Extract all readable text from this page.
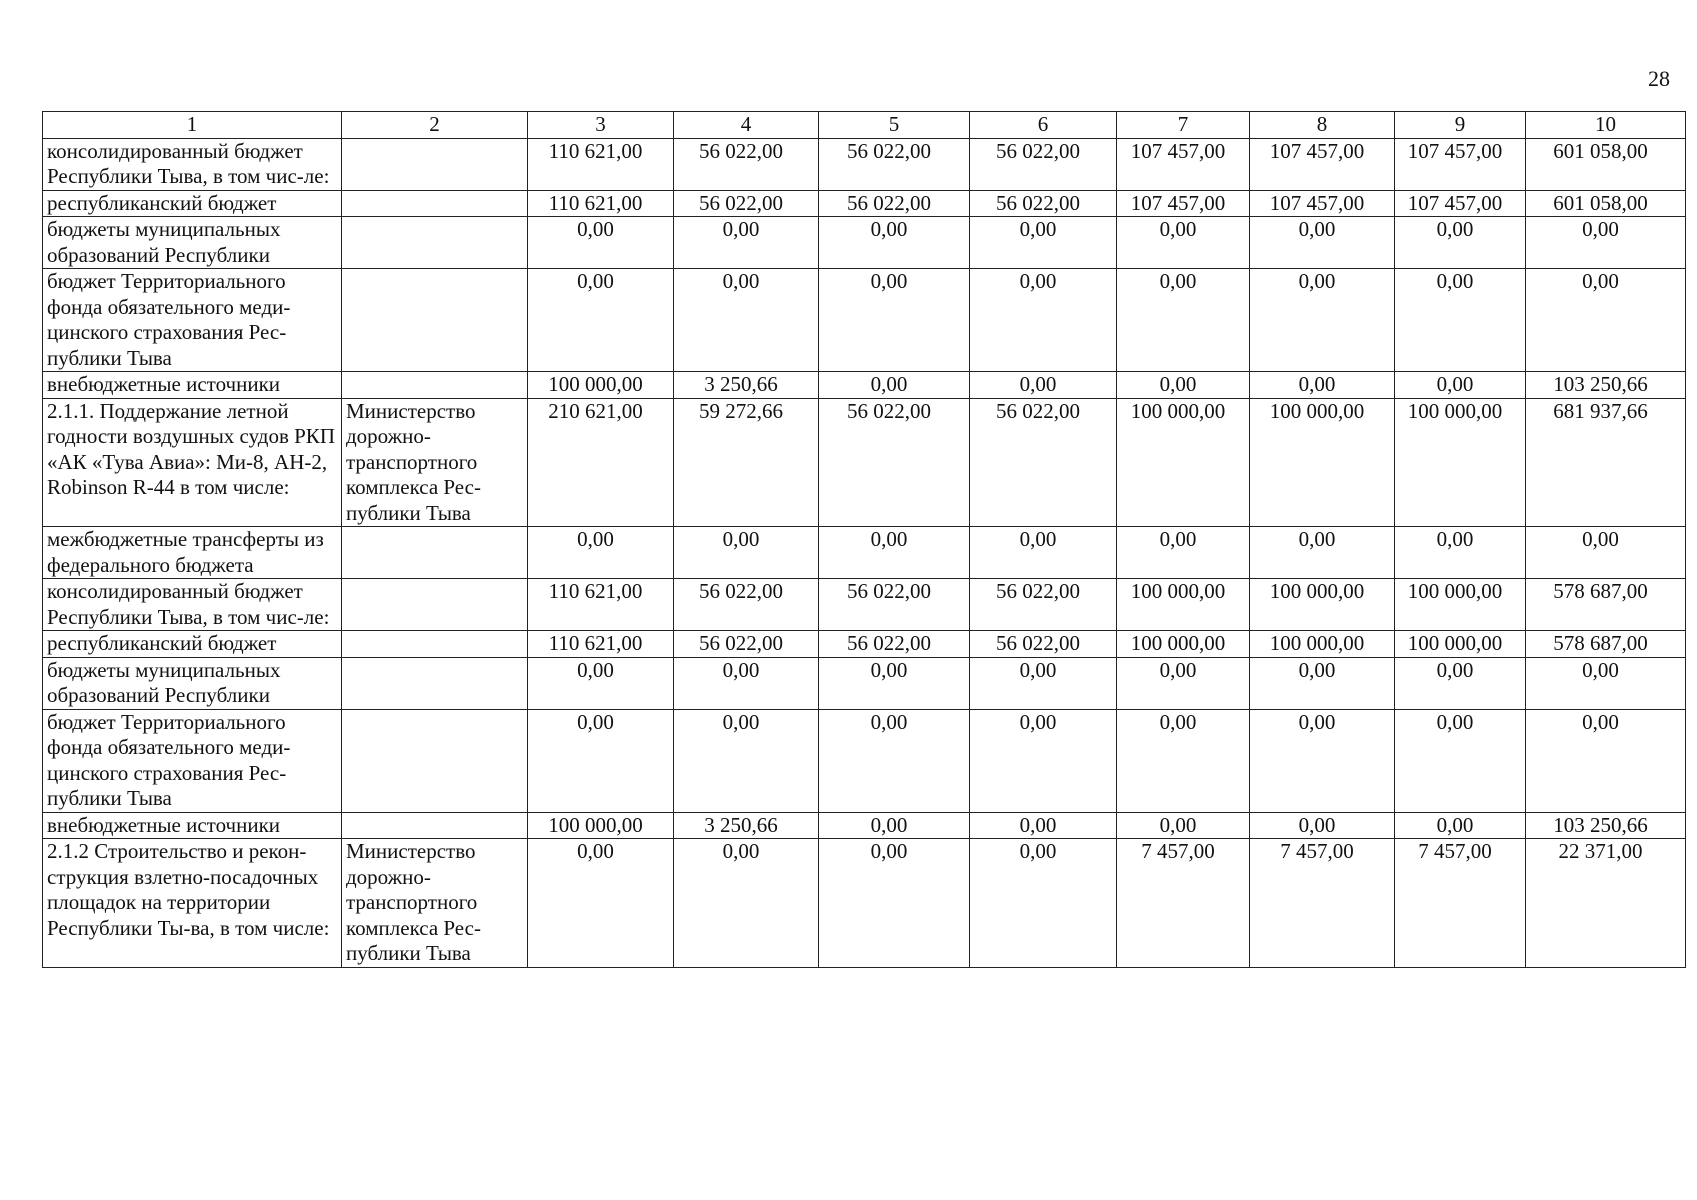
28
1	2	3	4	5	6	7	8	9	10
консолидированный бюджет Республики Тыва, в том чис-ле:		110 621,00	56 022,00	56 022,00	56 022,00	107 457,00	107 457,00	107 457,00	601 058,00
республиканский бюджет		110 621,00	56 022,00	56 022,00	56 022,00	107 457,00	107 457,00	107 457,00	601 058,00
бюджеты муниципальных образований Республики		0,00	0,00	0,00	0,00	0,00	0,00	0,00	0,00
бюджет Территориального фонда обязательного меди-цинского страхования Рес-публики Тыва		0,00	0,00	0,00	0,00	0,00	0,00	0,00	0,00
внебюджетные источники		100 000,00	3 250,66	0,00	0,00	0,00	0,00	0,00	103 250,66
2.1.1. Поддержание летной годности воздушных судов РКП «АК «Тува Авиа»: Ми-8, АН-2, Robinson R-44 в том числе:	Министерство дорожно-транспортного комплекса Рес-публики Тыва	210 621,00	59 272,66	56 022,00	56 022,00	100 000,00	100 000,00	100 000,00	681 937,66
межбюджетные трансферты из федерального бюджета		0,00	0,00	0,00	0,00	0,00	0,00	0,00	0,00
консолидированный бюджет Республики Тыва, в том чис-ле:		110 621,00	56 022,00	56 022,00	56 022,00	100 000,00	100 000,00	100 000,00	578 687,00
республиканский бюджет		110 621,00	56 022,00	56 022,00	56 022,00	100 000,00	100 000,00	100 000,00	578 687,00
бюджеты муниципальных образований Республики		0,00	0,00	0,00	0,00	0,00	0,00	0,00	0,00
бюджет Территориального фонда обязательного меди-цинского страхования Рес-публики Тыва		0,00	0,00	0,00	0,00	0,00	0,00	0,00	0,00
внебюджетные источники		100 000,00	3 250,66	0,00	0,00	0,00	0,00	0,00	103 250,66
2.1.2 Строительство и рекон-струкция взлетно-посадочных площадок на территории Республики Ты-ва, в том числе:	Министерство дорожно-транспортного комплекса Рес-публики Тыва	0,00	0,00	0,00	0,00	7 457,00	7 457,00	7 457,00	22 371,00
